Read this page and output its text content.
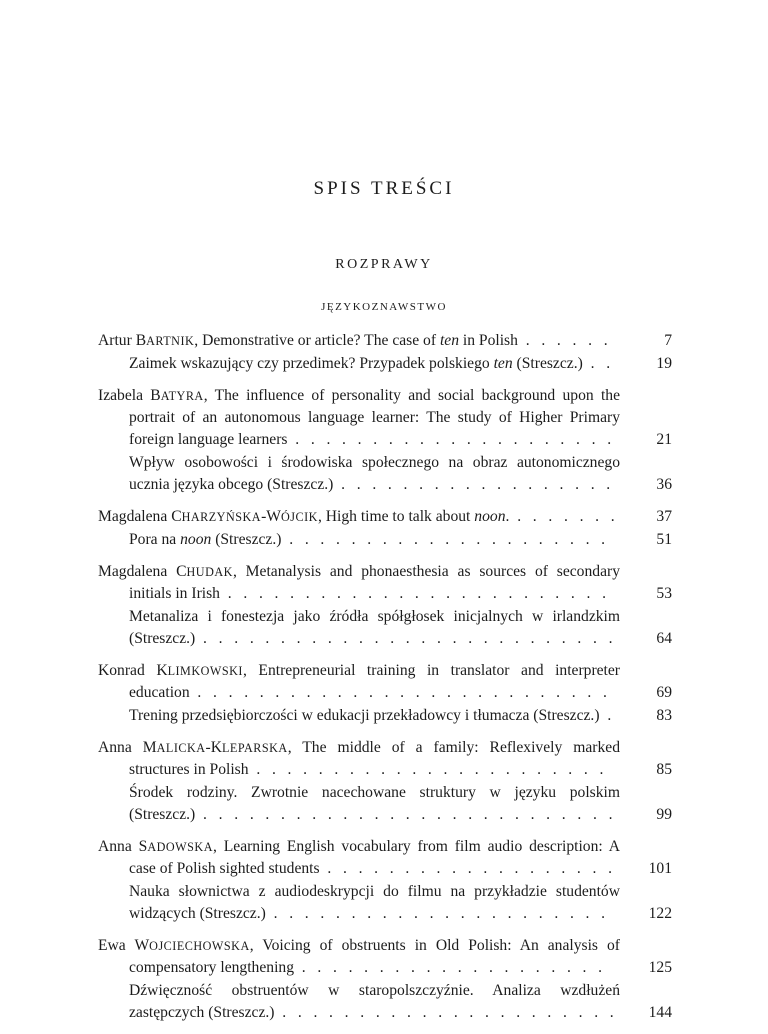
SPIS TREŚCI
ROZPRAWY
JĘZYKOZNAWSTWO
Artur BARTNIK, Demonstrative or article? The case of ten in Polish . . . . . .	7
Zaimek wskazujący czy przedimek? Przypadek polskiego ten (Streszcz.) . .	19
Izabela BATYRA, The influence of personality and social background upon the portrait of an autonomous language learner: The study of Higher Primary foreign language learners . . . . . . . . . . . . . . . . . . . . .	21
Wpływ osobowości i środowiska społecznego na obraz autonomicznego ucznia języka obcego (Streszcz.) . . . . . . . . . . . . . . . . . .	36
Magdalena CHARZYŃSKA-WÓJCIK, High time to talk about noon. . . . . . . .	37
Pora na noon (Streszcz.) . . . . . . . . . . . . . . . . . . . . .	51
Magdalena CHUDAK, Metanalysis and phonaesthesia as sources of secondary initials in Irish . . . . . . . . . . . . . . . . . . . . . . . . .	53
Metanaliza i fonestezja jako źródła spółgłosek inicjalnych w irlandzkim (Streszcz.) . . . . . . . . . . . . . . . . . . . . . . . . . . .	64
Konrad KLIMKOWSKI, Entrepreneurial training in translator and interpreter education . . . . . . . . . . . . . . . . . . . . . . . . . . .	69
Trening przedsiębiorczości w edukacji przekładowcy i tłumacza (Streszcz.) .	83
Anna MALICKA-KLEPARSKA, The middle of a family: Reflexively marked structures in Polish . . . . . . . . . . . . . . . . . . . . . . .	85
Środek rodziny. Zwrotnie nacechowane struktury w języku polskim (Streszcz.) . . . . . . . . . . . . . . . . . . . . . . . . . . .	99
Anna SADOWSKA, Learning English vocabulary from film audio description: A case of Polish sighted students . . . . . . . . . . . . . . . . . . .	101
Nauka słownictwa z audiodeskrypcji do filmu na przykładzie studentów widzących (Streszcz.) . . . . . . . . . . . . . . . . . . . . . .	122
Ewa WOJCIECHOWSKA, Voicing of obstruents in Old Polish: An analysis of compensatory lengthening . . . . . . . . . . . . . . . . . . . .	125
Dźwięczność obstruentów w staropolszczyźnie. Analiza wzdłużeń zastępczych (Streszcz.) . . . . . . . . . . . . . . . . . . . . . .	144
